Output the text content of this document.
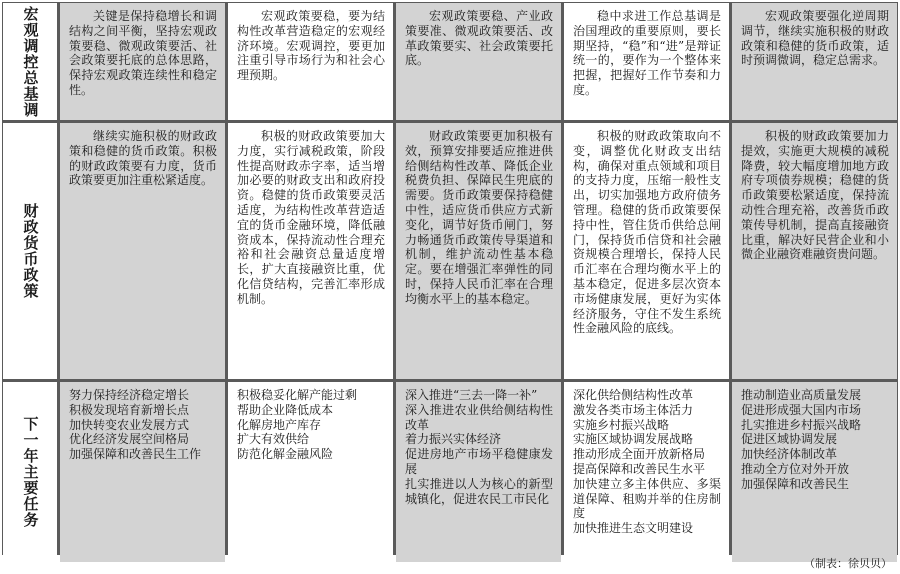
宏观调控总基调	关键是保持稳增长和调结构之间平衡，坚持宏观政策要稳、微观政策要活、社会政策要托底的总体思路，保持宏观政策连续性和稳定性。
宏观政策要稳，要为结构性改革营造稳定的宏观经济环境。宏观调控，要更加注重引导市场行为和社会心理预期。
宏观政策要稳、产业政策要准、微观政策要活、改革政策要实、社会政策要托底。
稳中求进工作总基调是治国理政的重要原则，要长期坚持，“稳”和“进”是辩证统一的，要作为一个整体来把握，把握好工作节奏和力度。
宏观政策要强化逆周期调节，继续实施积极的财政政策和稳健的货币政策，适时预调微调，稳定总需求。
财政货币政策
继续实施积极的财政政策和稳健的货币政策。积极的财政政策要有力度，货币政策要更加注重松紧适度。
积极的财政政策要加大力度，实行减税政策，阶段性提高财政赤字率，适当增加必要的财政支出和政府投资。稳健的货币政策要灵活适度，为结构性改革营造适宜的货币金融环境，降低融资成本，保持流动性合理充裕和社会融资总量适度增长，扩大直接融资比重，优化信贷结构，完善汇率形成机制。
财政政策要更加积极有效，预算安排要适应推进供给侧结构性改革、降低企业税费负担、保障民生兜底的需要。货币政策要保持稳健中性，适应货币供应方式新变化，调节好货币闸门，努力畅通货币政策传导渠道和机制，维护流动性基本稳定。要在增强汇率弹性的同时，保持人民币汇率在合理均衡水平上的基本稳定。
积极的财政政策取向不变，调整优化财政支出结构，确保对重点领域和项目的支持力度，压缩一般性支出，切实加强地方政府债务管理。稳健的货币政策要保持中性，管住货币供给总闸门，保持货币信贷和社会融资规模合理增长，保持人民币汇率在合理均衡水平上的基本稳定，促进多层次资本市场健康发展，更好为实体经济服务，守住不发生系统性金融风险的底线。
积极的财政政策要加力提效，实施更大规模的减税降费，较大幅度增加地方政府专项债券规模；稳健的货币政策要松紧适度，保持流动性合理充裕，改善货币政策传导机制，提高直接融资比重，解决好民营企业和小微企业融资难融资贵问题。
下一年主要任务
努力保持经济稳定增长
积极发现培育新增长点
加快转变农业发展方式
优化经济发展空间格局
加强保障和改善民生工作
积极稳妥化解产能过剩
帮助企业降低成本
化解房地产库存
扩大有效供给
防范化解金融风险
深入推进“三去一降一补”
深入推进农业供给侧结构性改革
着力振兴实体经济
促进房地产市场平稳健康发展
扎实推进以人为核心的新型城镇化，促进农民工市民化
深化供给侧结构性改革
激发各类市场主体活力
实施乡村振兴战略
实施区域协调发展战略
推动形成全面开放新格局
提高保障和改善民生水平
加快建立多主体供应、多渠道保障、租购并举的住房制度
加快推进生态文明建设
推动制造业高质量发展
促进形成强大国内市场
扎实推进乡村振兴战略
促进区域协调发展
加快经济体制改革
推动全方位对外开放
加强保障和改善民生
（制表：徐贝贝）
